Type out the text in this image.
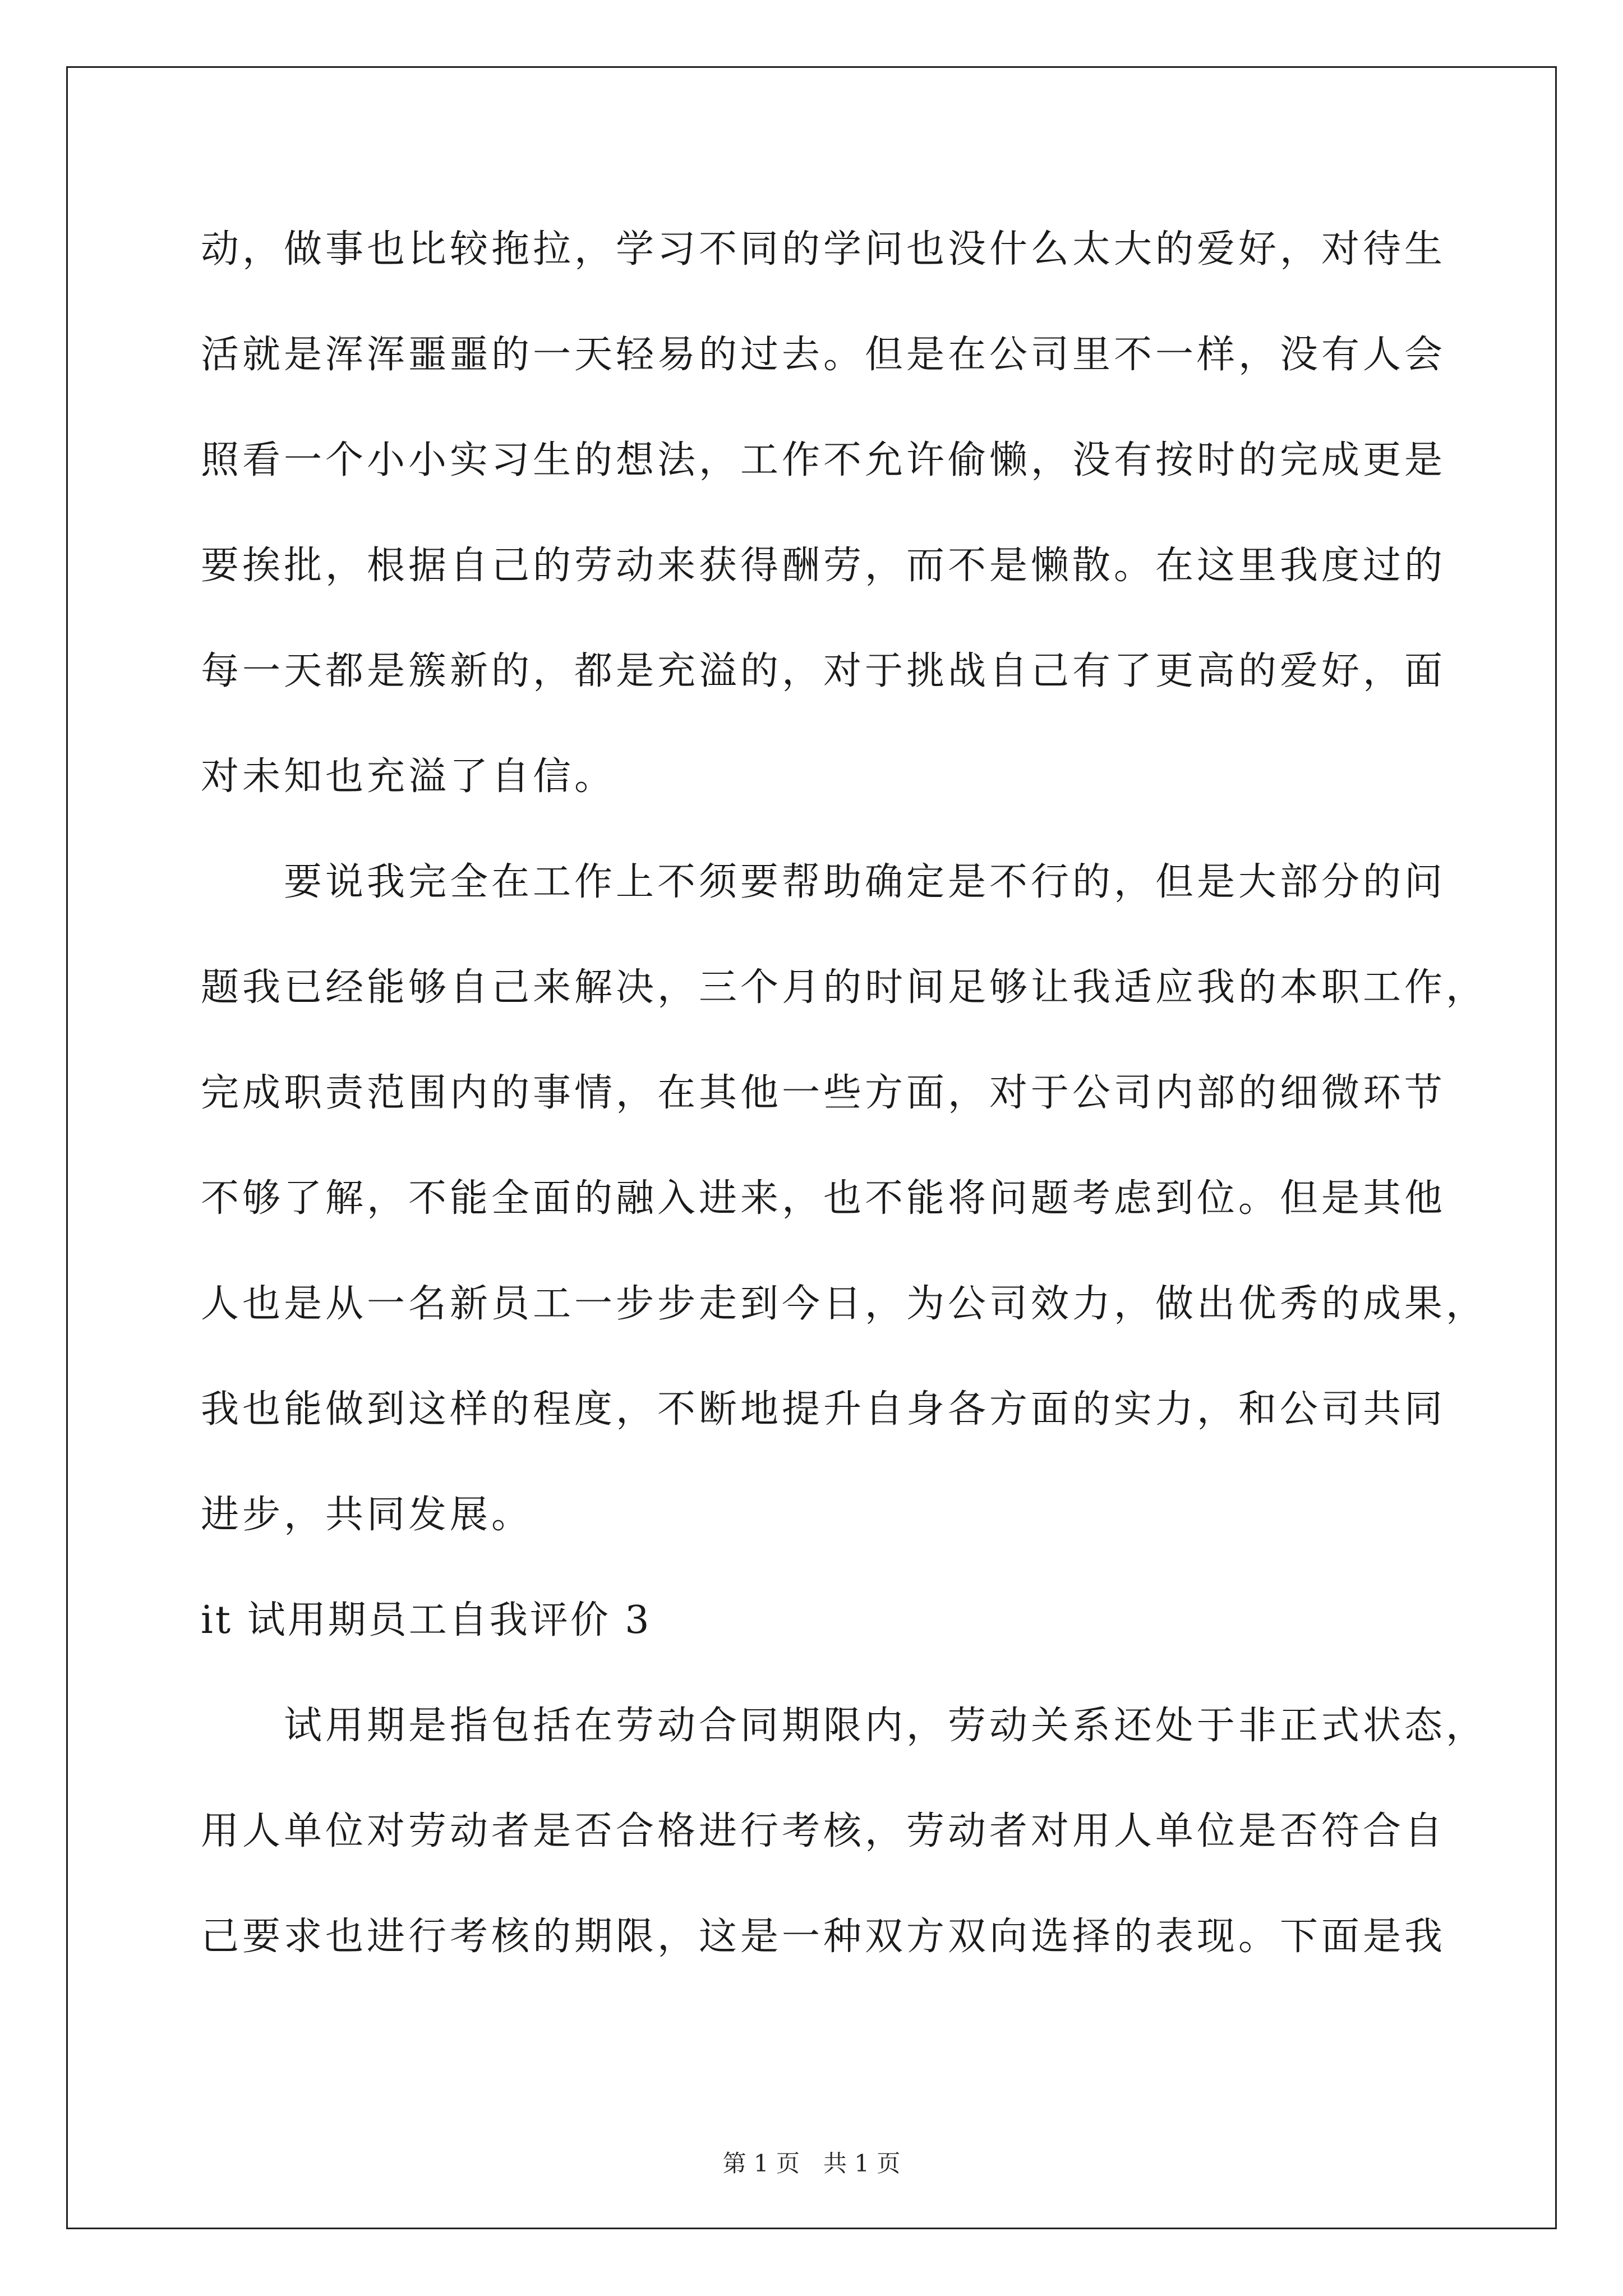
动，做事也比较拖拉，学习不同的学问也没什么太大的爱好，对待生
活就是浑浑噩噩的一天轻易的过去。但是在公司里不一样，没有人会
照看一个小小实习生的想法，工作不允许偷懒，没有按时的完成更是
要挨批，根据自己的劳动来获得酬劳，而不是懒散。在这里我度过的
每一天都是簇新的，都是充溢的，对于挑战自己有了更高的爱好，面
对未知也充溢了自信。
要说我完全在工作上不须要帮助确定是不行的，但是大部分的问
题我已经能够自己来解决，三个月的时间足够让我适应我的本职工作，
完成职责范围内的事情，在其他一些方面，对于公司内部的细微环节
不够了解，不能全面的融入进来，也不能将问题考虑到位。但是其他
人也是从一名新员工一步步走到今日，为公司效力，做出优秀的成果，
我也能做到这样的程度，不断地提升自身各方面的实力，和公司共同
进步，共同发展。
it 试用期员工自我评价 3
试用期是指包括在劳动合同期限内，劳动关系还处于非正式状态，
用人单位对劳动者是否合格进行考核，劳动者对用人单位是否符合自
己要求也进行考核的期限，这是一种双方双向选择的表现。下面是我
第 1 页　共 1 页
